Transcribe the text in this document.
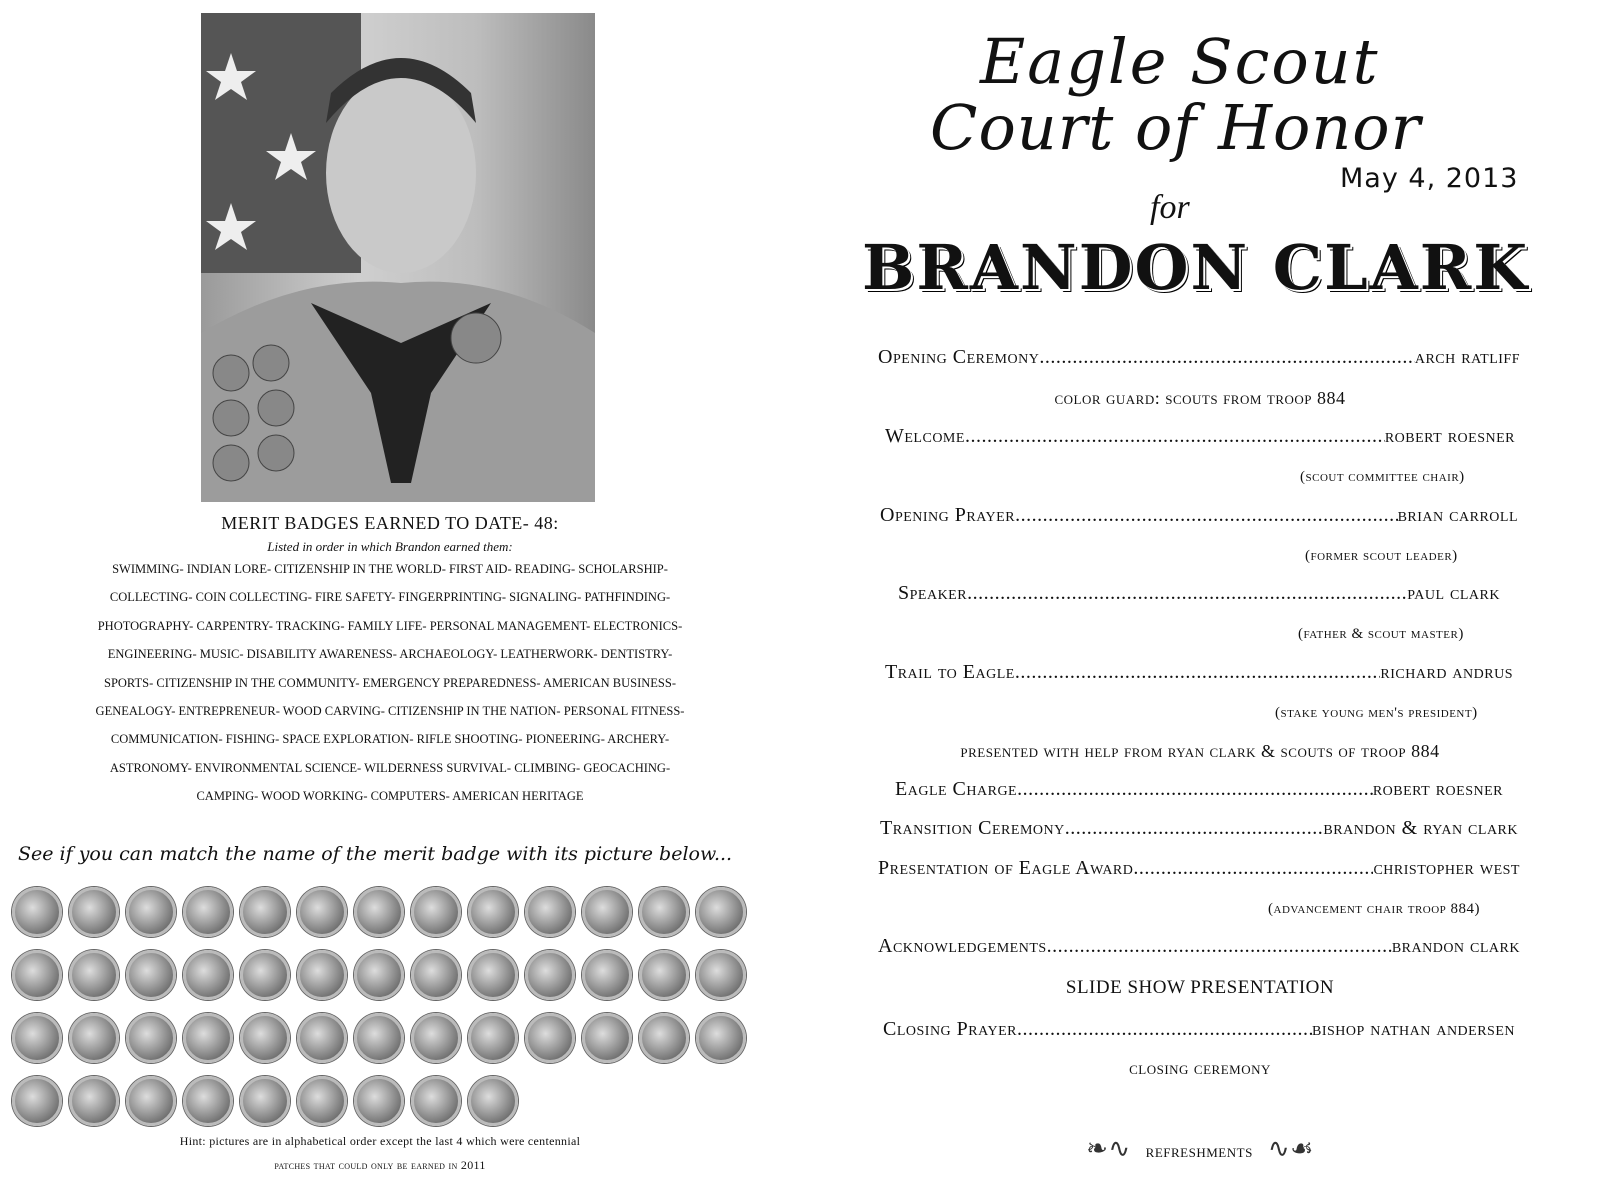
MERIT BADGES EARNED TO DATE- 48:
Listed in order in which Brandon earned them:
SWIMMING- INDIAN LORE- CITIZENSHIP IN THE WORLD- FIRST AID- READING- SCHOLARSHIP-
COLLECTING- COIN COLLECTING- FIRE SAFETY- FINGERPRINTING- SIGNALING- PATHFINDING-
PHOTOGRAPHY- CARPENTRY- TRACKING- FAMILY LIFE- PERSONAL MANAGEMENT- ELECTRONICS-
ENGINEERING- MUSIC- DISABILITY AWARENESS- ARCHAEOLOGY- LEATHERWORK- DENTISTRY-
SPORTS- CITIZENSHIP IN THE COMMUNITY- EMERGENCY PREPAREDNESS- AMERICAN BUSINESS-
GENEALOGY- ENTREPRENEUR- WOOD CARVING- CITIZENSHIP IN THE NATION- PERSONAL FITNESS-
COMMUNICATION- FISHING- SPACE EXPLORATION- RIFLE SHOOTING- PIONEERING- ARCHERY-
ASTRONOMY- ENVIRONMENTAL SCIENCE- WILDERNESS SURVIVAL- CLIMBING- GEOCACHING-
CAMPING- WOOD WORKING- COMPUTERS- AMERICAN HERITAGE
See if you can match the name of the merit badge with its picture below...
Hint: pictures are in alphabetical order except the last 4 which were centennial
patches that could only be earned in 2011
Eagle Scout
Court of Honor
May 4, 2013
for
BRANDON CLARK
Opening Ceremony .....	arch ratliff
color guard: scouts from troop 884
Welcome .....	robert roesner
(scout committee chair)
Opening Prayer .....	brian carroll
(former scout leader)
Speaker .....	paul clark
(father & scout master)
Trail to Eagle .....	richard andrus
(stake young men's president)
presented with help from ryan clark & scouts of troop 884
Eagle Charge .....	robert roesner
Transition Ceremony .....	brandon & ryan clark
Presentation of Eagle Award .....	christopher west
(advancement chair troop 884)
Acknowledgements .....	brandon clark
SLIDE SHOW PRESENTATION
Closing Prayer .....	bishop nathan andersen
closing ceremony
❧∿ refreshments ∿☙
